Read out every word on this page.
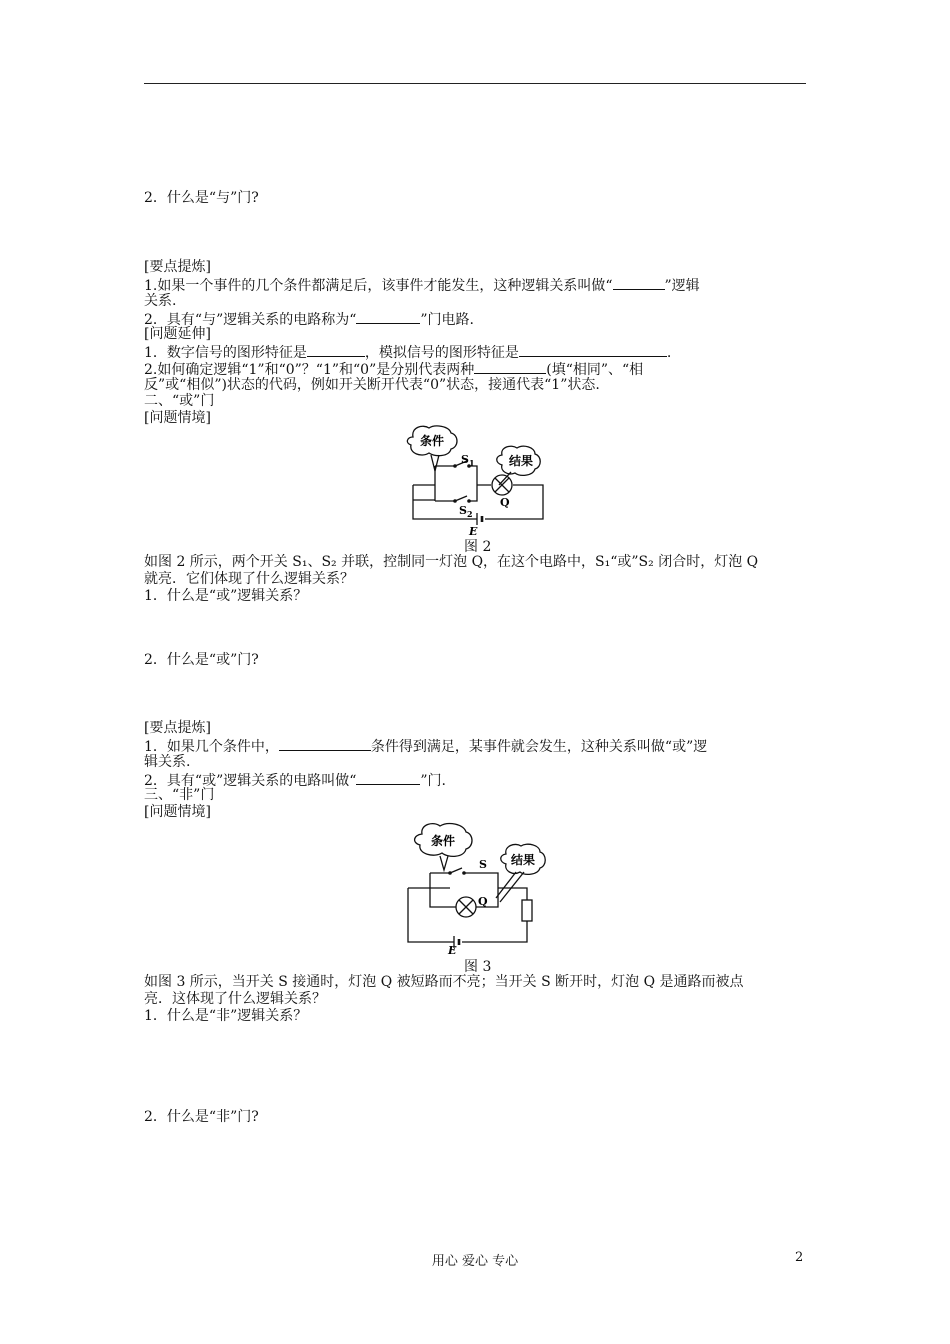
2．什么是“与”门?
[要点提炼]
1.如果一个事件的几个条件都满足后，该事件才能发生，这种逻辑关系叫做“	”逻辑
关系.
2．具有“与”逻辑关系的电路称为“	”门电路.
[问题延伸]
1．数字信号的图形特征是	，模拟信号的图形特征是	.
2.如何确定逻辑“1”和“0”？“1”和“0”是分别代表两种	(填“相同”、“相
反”或“相似”)状态的代码，例如开关断开代表“0”状态，接通代表“1”状态.
二、“或”门
[问题情境]
条件
结果
$S_1$
$S_2$
Q
E
图 2
如图 2 所示，两个开关 S₁、S₂ 并联，控制同一灯泡 Q，在这个电路中，S₁“或”S₂ 闭合时，灯泡 Q
就亮．它们体现了什么逻辑关系？
1．什么是“或”逻辑关系？
2．什么是“或”门?
[要点提炼]
1．如果几个条件中，	条件得到满足，某事件就会发生，这种关系叫做“或”逻
辑关系.
2．具有“或”逻辑关系的电路叫做“	”门.
三、“非”门
[问题情境]
条件
结果
S
Q
E
图 3
如图 3 所示，当开关 S 接通时，灯泡 Q 被短路而不亮；当开关 S 断开时，灯泡 Q 是通路而被点
亮．这体现了什么逻辑关系？
1．什么是“非”逻辑关系？
2．什么是“非”门?
用心 爱心 专心	2
